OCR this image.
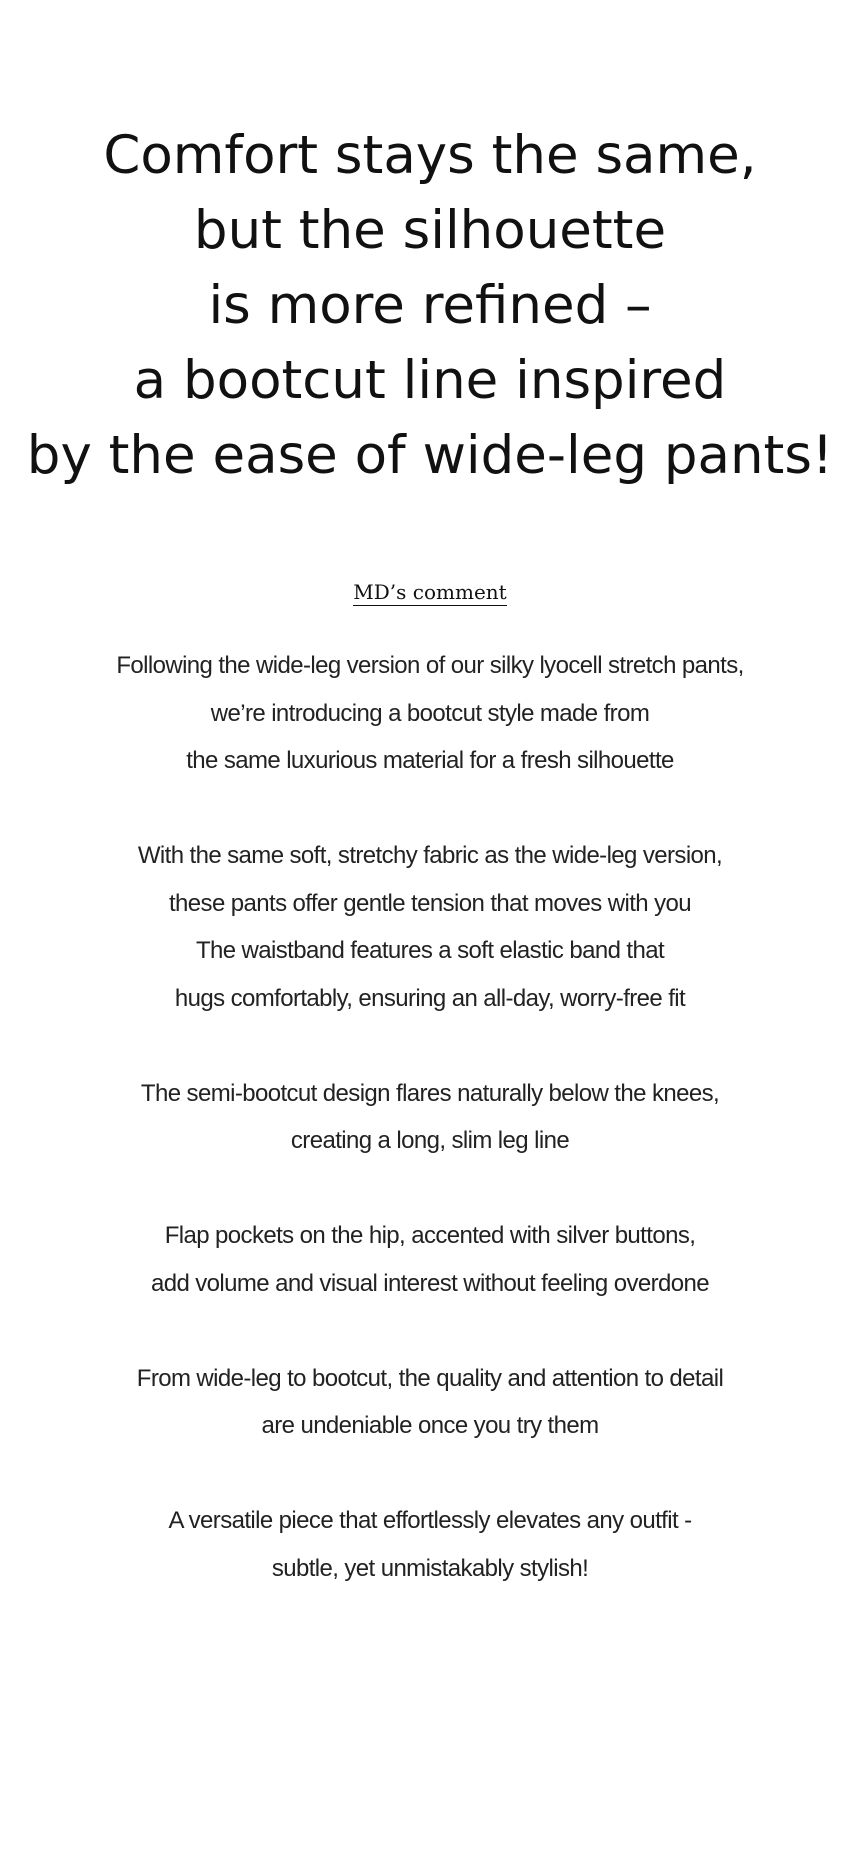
Comfort stays the same,
but the silhouette
is more refined –
a bootcut line inspired
by the ease of wide-leg pants!
MD’s comment

Following the wide-leg version of our silky lyocell stretch pants,
we’re introducing a bootcut style made from
the same luxurious material for a fresh silhouette

With the same soft, stretchy fabric as the wide-leg version,
these pants offer gentle tension that moves with you
The waistband features a soft elastic band that
hugs comfortably, ensuring an all-day, worry-free fit

The semi-bootcut design flares naturally below the knees,
creating a long, slim leg line

Flap pockets on the hip, accented with silver buttons,
add volume and visual interest without feeling overdone

From wide-leg to bootcut, the quality and attention to detail
are undeniable once you try them

A versatile piece that effortlessly elevates any outfit -
subtle, yet unmistakably stylish!
